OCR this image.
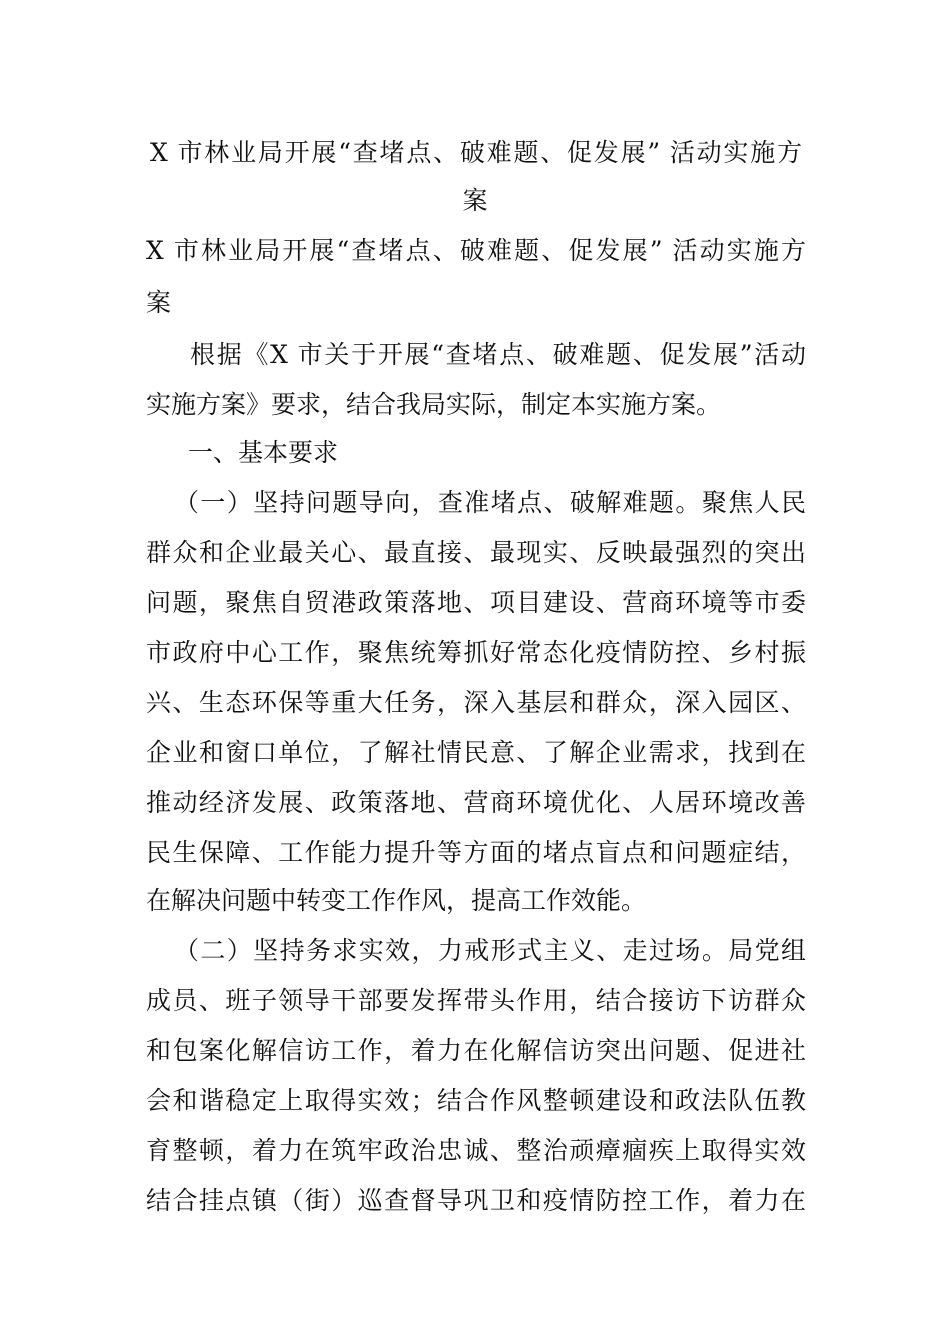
X 市林业局开展“查堵点、破难题、促发展” 活动实施方
案
X 市林业局开展“查堵点、破难题、促发展” 活动实施方
案
根据《X 市关于开展“查堵点、破难题、促发展”活动
实施方案》要求，结合我局实际，制定本实施方案。
一、基本要求
（一）坚持问题导向，查准堵点、破解难题。聚焦人民
群众和企业最关心、最直接、最现实、反映最强烈的突出
问题，聚焦自贸港政策落地、项目建设、营商环境等市委
市政府中心工作，聚焦统筹抓好常态化疫情防控、乡村振
兴、生态环保等重大任务，深入基层和群众，深入园区、
企业和窗口单位，了解社情民意、了解企业需求，找到在
推动经济发展、政策落地、营商环境优化、人居环境改善
民生保障、工作能力提升等方面的堵点盲点和问题症结，
在解决问题中转变工作作风，提高工作效能。
（二）坚持务求实效，力戒形式主义、走过场。局党组
成员、班子领导干部要发挥带头作用，结合接访下访群众
和包案化解信访工作，着力在化解信访突出问题、促进社
会和谐稳定上取得实效；结合作风整顿建设和政法队伍教
育整顿，着力在筑牢政治忠诚、整治顽瘴痼疾上取得实效
结合挂点镇（街）巡查督导巩卫和疫情防控工作，着力在
